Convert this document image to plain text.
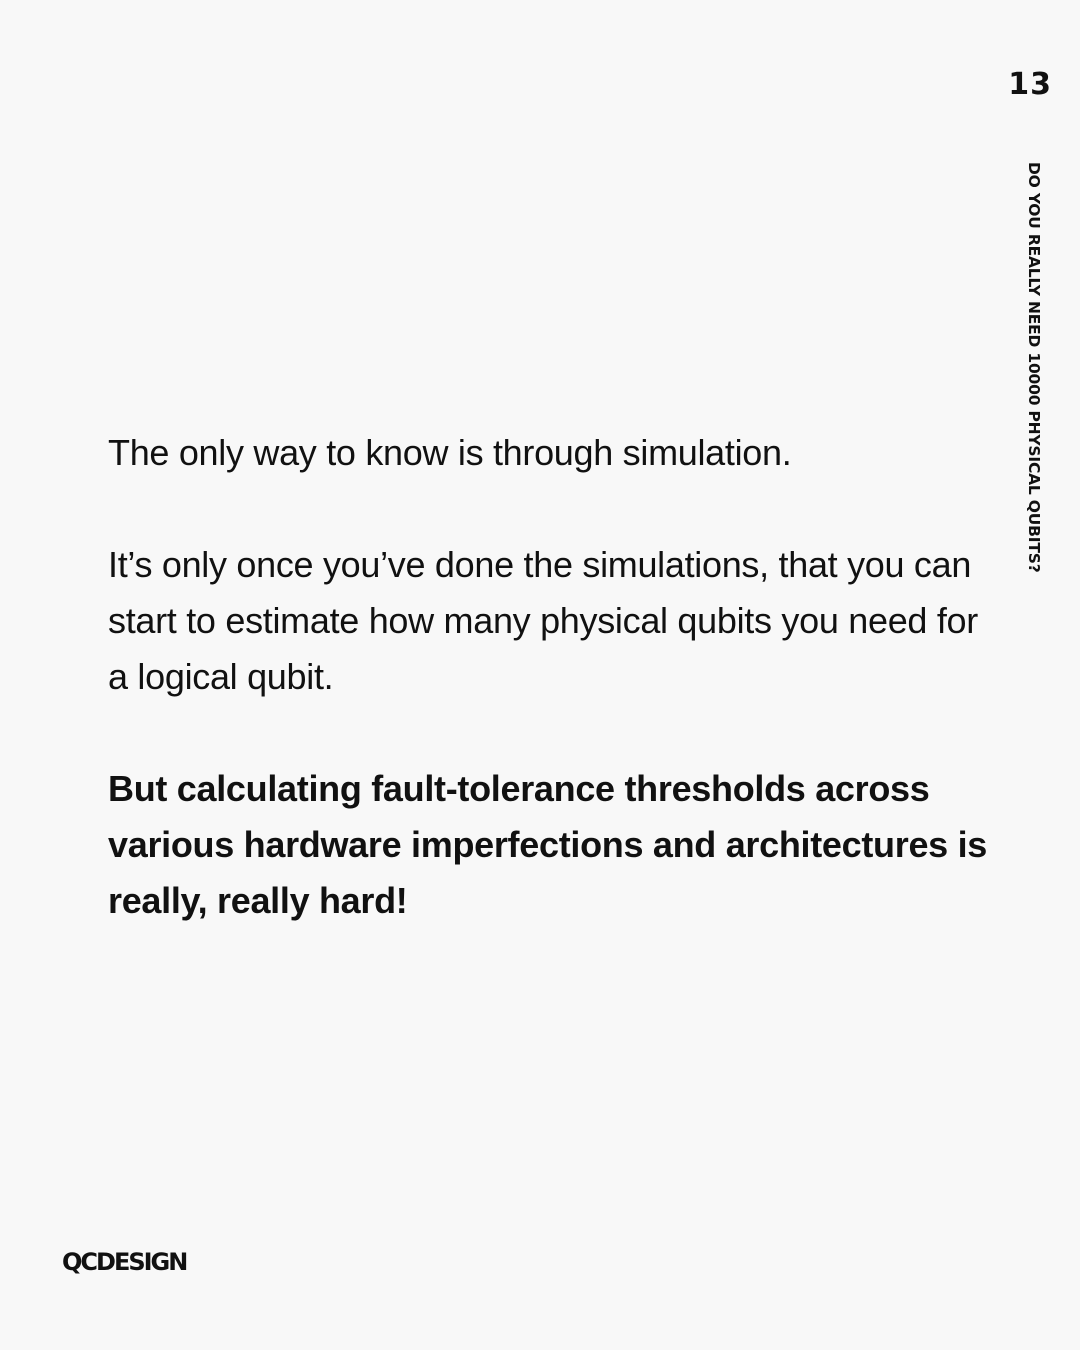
13
DO YOU REALLY NEED 10000 PHYSICAL QUBITS?

The only way to know is through simulation.

It’s only once you’ve done the simulations, that you can start to estimate how many physical qubits you need for a logical qubit.

But calculating fault-tolerance thresholds across various hardware imperfections and architectures is really, really hard!

QCDESIGN
